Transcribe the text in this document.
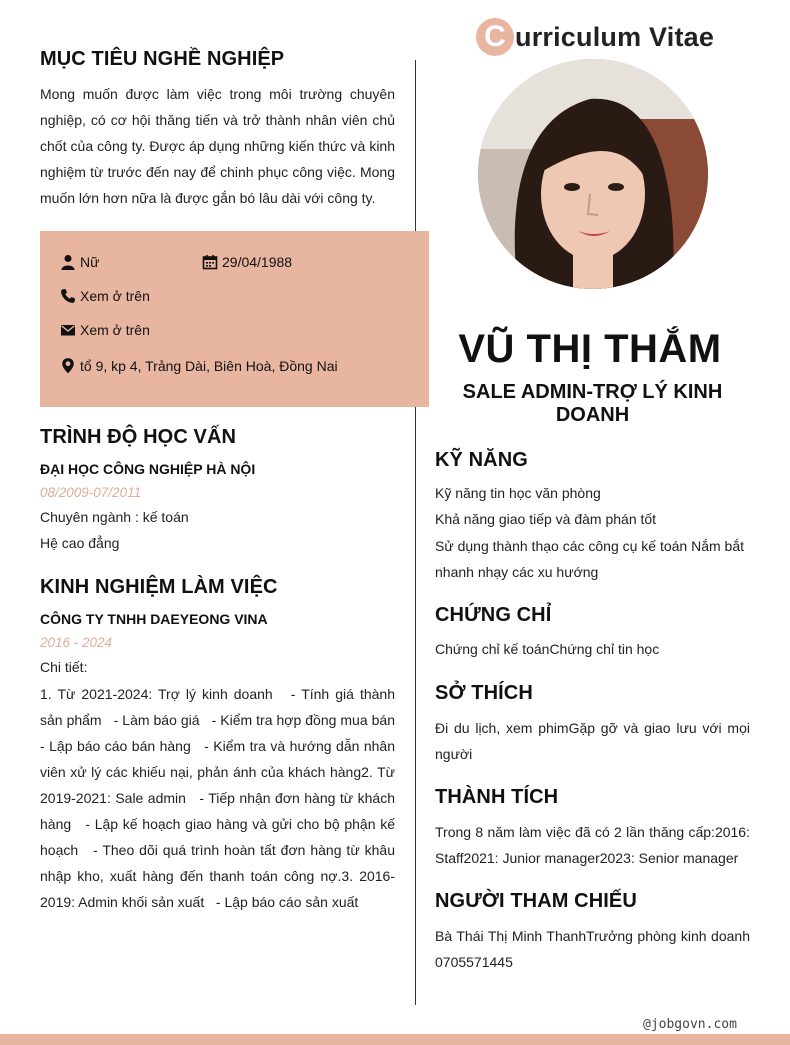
C urriculum Vitae
MỤC TIÊU NGHỀ NGHIỆP
Mong muốn được làm việc trong môi trường chuyên nghiệp, có cơ hội thăng tiến và trở thành nhân viên chủ chốt của công ty. Được áp dụng những kiến thức và kinh nghiệm từ trước đến nay để chinh phục công việc. Mong muốn lớn hơn nữa là được gắn bó lâu dài với công ty.
Nữ	29/04/1988
Xem ở trên
Xem ở trên
tổ 9, kp 4, Trảng Dài, Biên Hoà, Đồng Nai
TRÌNH ĐỘ HỌC VẤN
ĐẠI HỌC CÔNG NGHIỆP HÀ NỘI
08/2009-07/2011
Chuyên ngành : kế toán
Hệ cao đẳng
KINH NGHIỆM LÀM VIỆC
CÔNG TY TNHH DAEYEONG VINA
2016 - 2024
Chi tiết:
1. Từ 2021-2024: Trợ lý kinh doanh   - Tính giá thành sản phẩm   - Làm báo giá   - Kiểm tra hợp đồng mua bán   - Lập báo cáo bán hàng   - Kiểm tra và hướng dẫn nhân viên xử lý các khiếu nại, phản ánh của khách hàng2. Từ 2019-2021: Sale admin   - Tiếp nhận đơn hàng từ khách hàng   - Lập kế hoạch giao hàng và gửi cho bộ phận kế hoạch   - Theo dõi quá trình hoàn tất đơn hàng từ khâu nhập kho, xuất hàng đến thanh toán công nợ.3. 2016-2019: Admin khối sản xuất   - Lập báo cáo sản xuất
VŨ THỊ THẮM
SALE ADMIN-TRỢ LÝ KINH DOANH
KỸ NĂNG
Kỹ năng tin học văn phòng
Khả năng giao tiếp và đàm phán tốt
Sử dụng thành thạo các công cụ kế toán Nắm bắt nhanh nhạy các xu hướng
CHỨNG CHỈ
Chứng chỉ kế toánChứng chỉ tin học
SỞ THÍCH
Đi du lịch, xem phimGặp gỡ và giao lưu với mọi người
THÀNH TÍCH
Trong 8 năm làm việc đã có 2 lần thăng cấp:2016: Staff2021: Junior manager2023: Senior manager
NGƯỜI THAM CHIẾU
Bà Thái Thị Minh ThanhTrưởng phòng kinh doanh 0705571445
@jobgovn.com
